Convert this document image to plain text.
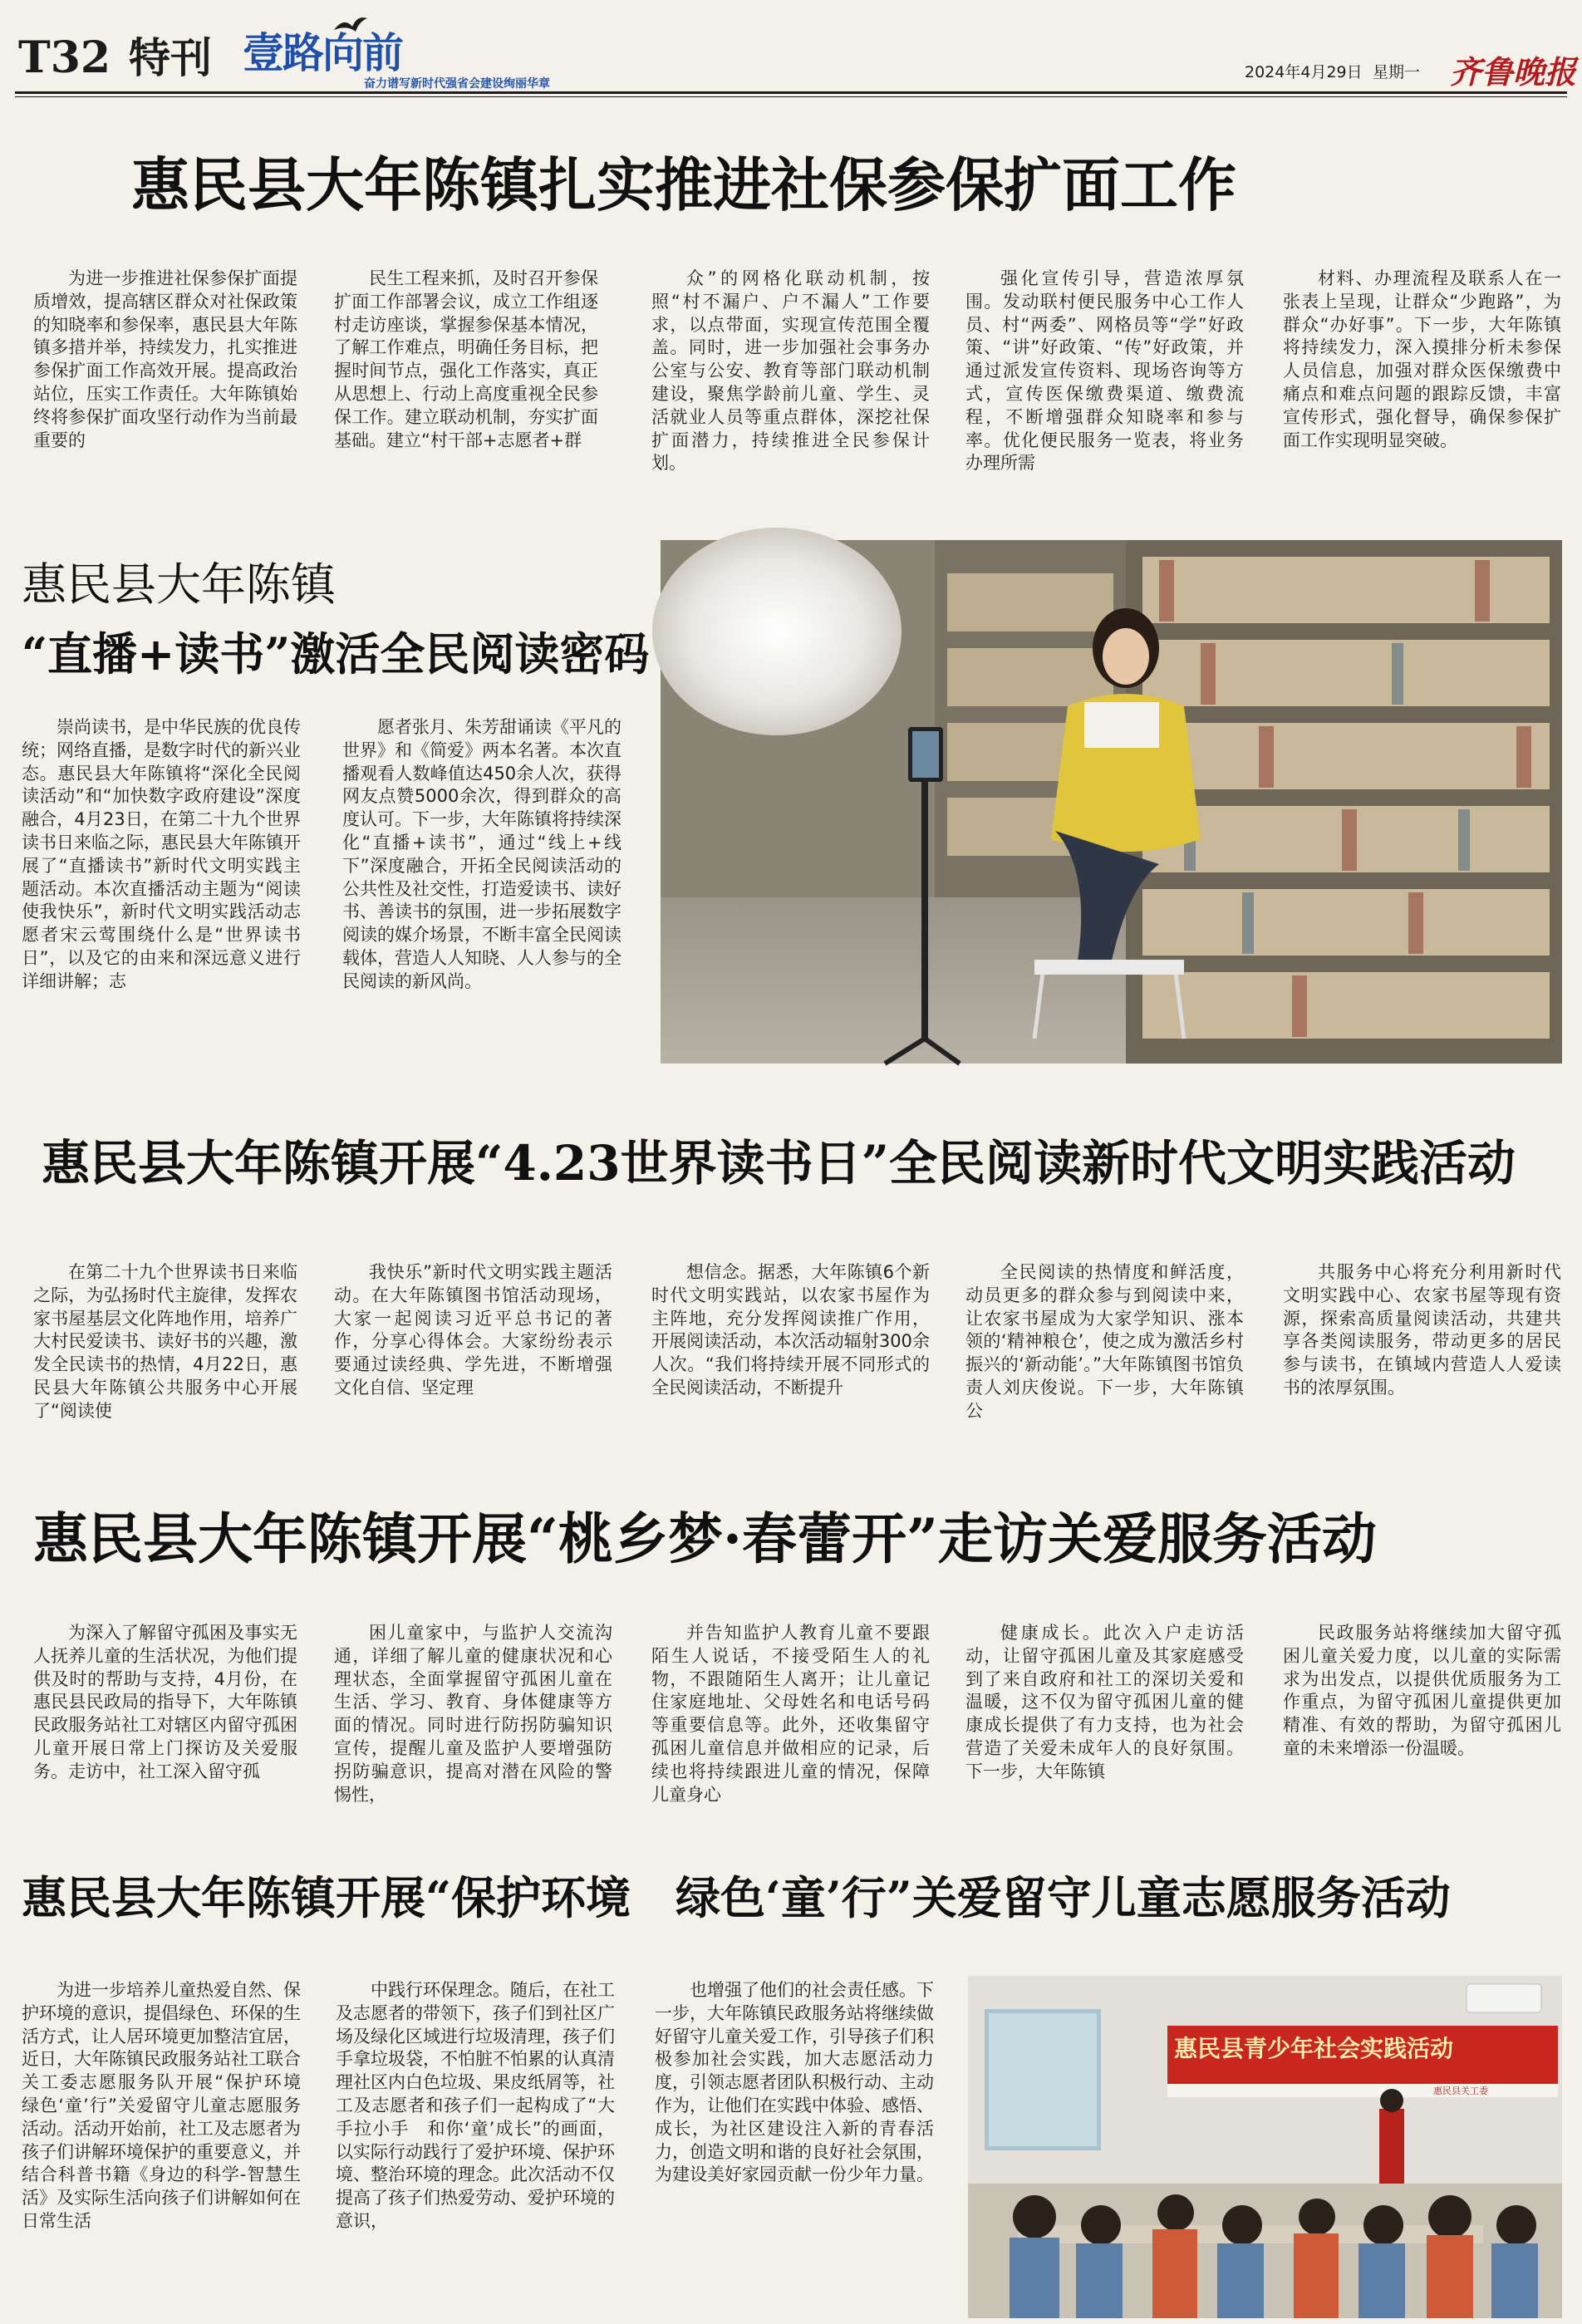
T32 特刊 壹路向前
奋力谱写新时代强省会建设绚丽华章
2024年4月29日 星期一 齐鲁晚报
惠民县大年陈镇扎实推进社保参保扩面工作
为进一步推进社保参保扩面提质增效，提高辖区群众对社保政策的知晓率和参保率，惠民县大年陈镇多措并举，持续发力，扎实推进参保扩面工作高效开展。提高政治站位，压实工作责任。大年陈镇始终将参保扩面攻坚行动作为当前最重要的
民生工程来抓，及时召开参保扩面工作部署会议，成立工作组逐村走访座谈，掌握参保基本情况，了解工作难点，明确任务目标，把握时间节点，强化工作落实，真正从思想上、行动上高度重视全民参保工作。建立联动机制，夯实扩面基础。建立“村干部+志愿者+群
众”的网格化联动机制，按照“村不漏户、户不漏人”工作要求，以点带面，实现宣传范围全覆盖。同时，进一步加强社会事务办公室与公安、教育等部门联动机制建设，聚焦学龄前儿童、学生、灵活就业人员等重点群体，深挖社保扩面潜力，持续推进全民参保计划。
强化宣传引导，营造浓厚氛围。发动联村便民服务中心工作人员、村“两委”、网格员等“学”好政策、“讲”好政策、“传”好政策，并通过派发宣传资料、现场咨询等方式，宣传医保缴费渠道、缴费流程，不断增强群众知晓率和参与率。优化便民服务一览表，将业务办理所需
材料、办理流程及联系人在一张表上呈现，让群众“少跑路”，为群众“办好事”。下一步，大年陈镇将持续发力，深入摸排分析未参保人员信息，加强对群众医保缴费中痛点和难点问题的跟踪反馈，丰富宣传形式，强化督导，确保参保扩面工作实现明显突破。
惠民县大年陈镇
“直播+读书”激活全民阅读密码
崇尚读书，是中华民族的优良传统；网络直播，是数字时代的新兴业态。惠民县大年陈镇将“深化全民阅读活动”和“加快数字政府建设”深度融合，4月23日，在第二十九个世界读书日来临之际，惠民县大年陈镇开展了“直播读书”新时代文明实践主题活动。本次直播活动主题为“阅读使我快乐”，新时代文明实践活动志愿者宋云莺围绕什么是“世界读书日”，以及它的由来和深远意义进行详细讲解；志
愿者张月、朱芳甜诵读《平凡的世界》和《简爱》两本名著。本次直播观看人数峰值达450余人次，获得网友点赞5000余次，得到群众的高度认可。下一步，大年陈镇将持续深化“直播+读书”，通过“线上+线下”深度融合，开拓全民阅读活动的公共性及社交性，打造爱读书、读好书、善读书的氛围，进一步拓展数字阅读的媒介场景，不断丰富全民阅读载体，营造人人知晓、人人参与的全民阅读的新风尚。
惠民县大年陈镇开展“4.23世界读书日”全民阅读新时代文明实践活动
在第二十九个世界读书日来临之际，为弘扬时代主旋律，发挥农家书屋基层文化阵地作用，培养广大村民爱读书、读好书的兴趣，激发全民读书的热情，4月22日，惠民县大年陈镇公共服务中心开展了“阅读使
我快乐”新时代文明实践主题活动。在大年陈镇图书馆活动现场，大家一起阅读习近平总书记的著作，分享心得体会。大家纷纷表示要通过读经典、学先进，不断增强文化自信、坚定理
想信念。据悉，大年陈镇6个新时代文明实践站，以农家书屋作为主阵地，充分发挥阅读推广作用，开展阅读活动，本次活动辐射300余人次。“我们将持续开展不同形式的全民阅读活动，不断提升
全民阅读的热情度和鲜活度，动员更多的群众参与到阅读中来，让农家书屋成为大家学知识、涨本领的‘精神粮仓’，使之成为激活乡村振兴的‘新动能’。”大年陈镇图书馆负责人刘庆俊说。下一步，大年陈镇公
共服务中心将充分利用新时代文明实践中心、农家书屋等现有资源，探索高质量阅读活动，共建共享各类阅读服务，带动更多的居民参与读书，在镇域内营造人人爱读书的浓厚氛围。
惠民县大年陈镇开展“桃乡梦·春蕾开”走访关爱服务活动
为深入了解留守孤困及事实无人抚养儿童的生活状况，为他们提供及时的帮助与支持，4月份，在惠民县民政局的指导下，大年陈镇民政服务站社工对辖区内留守孤困儿童开展日常上门探访及关爱服务。走访中，社工深入留守孤
困儿童家中，与监护人交流沟通，详细了解儿童的健康状况和心理状态，全面掌握留守孤困儿童在生活、学习、教育、身体健康等方面的情况。同时进行防拐防骗知识宣传，提醒儿童及监护人要增强防拐防骗意识，提高对潜在风险的警惕性，
并告知监护人教育儿童不要跟陌生人说话，不接受陌生人的礼物，不跟随陌生人离开；让儿童记住家庭地址、父母姓名和电话号码等重要信息等。此外，还收集留守孤困儿童信息并做相应的记录，后续也将持续跟进儿童的情况，保障儿童身心
健康成长。此次入户走访活动，让留守孤困儿童及其家庭感受到了来自政府和社工的深切关爱和温暖，这不仅为留守孤困儿童的健康成长提供了有力支持，也为社会营造了关爱未成年人的良好氛围。下一步，大年陈镇
民政服务站将继续加大留守孤困儿童关爱力度，以儿童的实际需求为出发点，以提供优质服务为工作重点，为留守孤困儿童提供更加精准、有效的帮助，为留守孤困儿童的未来增添一份温暖。
惠民县大年陈镇开展“保护环境　绿色‘童’行”关爱留守儿童志愿服务活动
为进一步培养儿童热爱自然、保护环境的意识，提倡绿色、环保的生活方式，让人居环境更加整洁宜居，近日，大年陈镇民政服务站社工联合关工委志愿服务队开展“保护环境　绿色‘童’行”关爱留守儿童志愿服务活动。活动开始前，社工及志愿者为孩子们讲解环境保护的重要意义，并结合科普书籍《身边的科学-智慧生活》及实际生活向孩子们讲解如何在日常生活
中践行环保理念。随后，在社工及志愿者的带领下，孩子们到社区广场及绿化区域进行垃圾清理，孩子们手拿垃圾袋，不怕脏不怕累的认真清理社区内白色垃圾、果皮纸屑等，社工及志愿者和孩子们一起构成了“大手拉小手　和你‘童’成长”的画面，以实际行动践行了爱护环境、保护环境、整治环境的理念。此次活动不仅提高了孩子们热爱劳动、爱护环境的意识，
也增强了他们的社会责任感。下一步，大年陈镇民政服务站将继续做好留守儿童关爱工作，引导孩子们积极参加社会实践，加大志愿活动力度，引领志愿者团队积极行动、主动作为，让他们在实践中体验、感悟、成长，为社区建设注入新的青春活力，创造文明和谐的良好社会氛围，为建设美好家园贡献一份少年力量。
惠民县青少年社会实践活动
惠民县关工委
